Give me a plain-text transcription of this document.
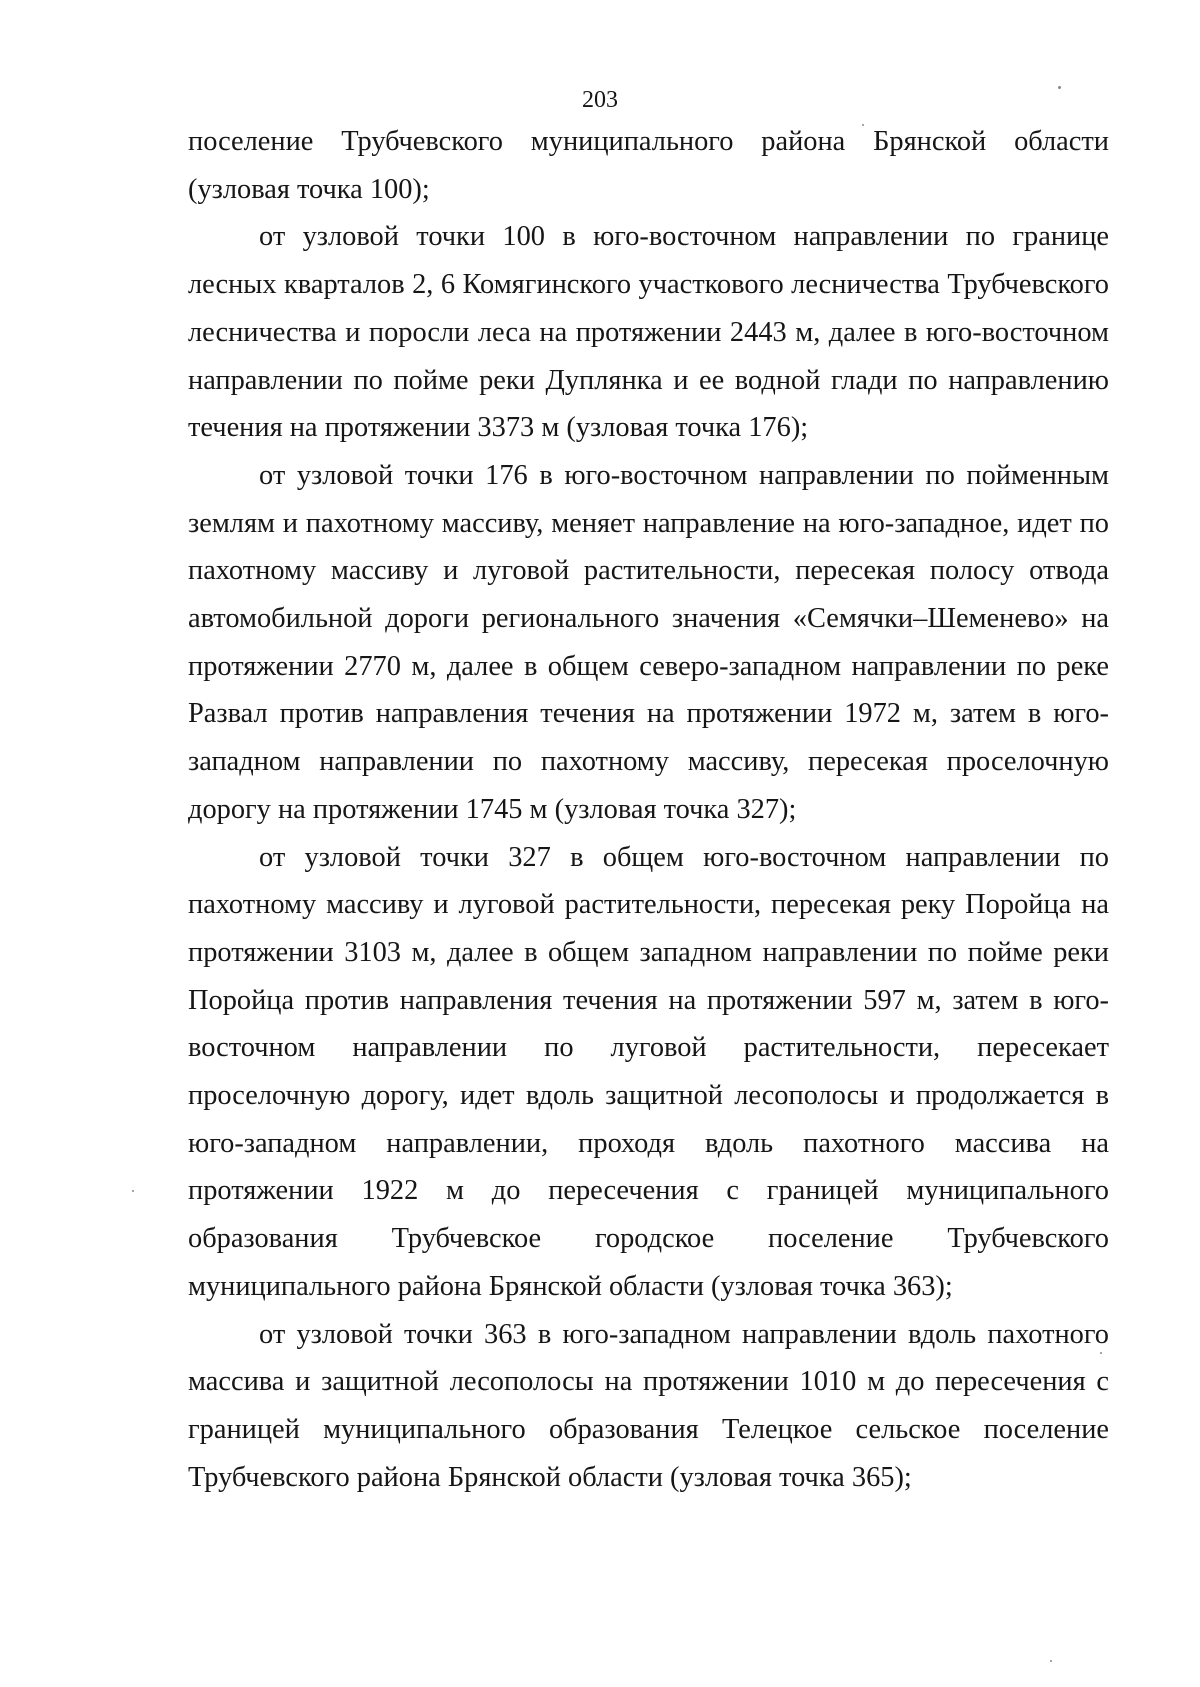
203

поселение Трубчевского муниципального района Брянской области (узловая точка 100);

от узловой точки 100 в юго-восточном направлении по границе лесных кварталов 2, 6 Комягинского участкового лесничества Трубчевского лесничества и поросли леса на протяжении 2443 м, далее в юго-восточном направлении по пойме реки Дуплянка и ее водной глади по направлению течения на протяжении 3373 м (узловая точка 176);

от узловой точки 176 в юго-восточном направлении по пойменным землям и пахотному массиву, меняет направление на юго-западное, идет по пахотному массиву и луговой растительности, пересекая полосу отвода автомобильной дороги регионального значения «Семячки–Шеменево» на протяжении 2770 м, далее в общем северо-западном направлении по реке Развал против направления течения на протяжении 1972 м, затем в юго-западном направлении по пахотному массиву, пересекая проселочную дорогу на протяжении 1745 м (узловая точка 327);

от узловой точки 327 в общем юго-восточном направлении по пахотному массиву и луговой растительности, пересекая реку Поройца на протяжении 3103 м, далее в общем западном направлении по пойме реки Поройца против направления течения на протяжении 597 м, затем в юго-восточном направлении по луговой растительности, пересекает проселочную дорогу, идет вдоль защитной лесополосы и продолжается в юго-западном направлении, проходя вдоль пахотного массива на протяжении 1922 м до пересечения с границей муниципального образования Трубчевское городское поселение Трубчевского муниципального района Брянской области (узловая точка 363);

от узловой точки 363 в юго-западном направлении вдоль пахотного массива и защитной лесополосы на протяжении 1010 м до пересечения с границей муниципального образования Телецкое сельское поселение Трубчевского района Брянской области (узловая точка 365);
